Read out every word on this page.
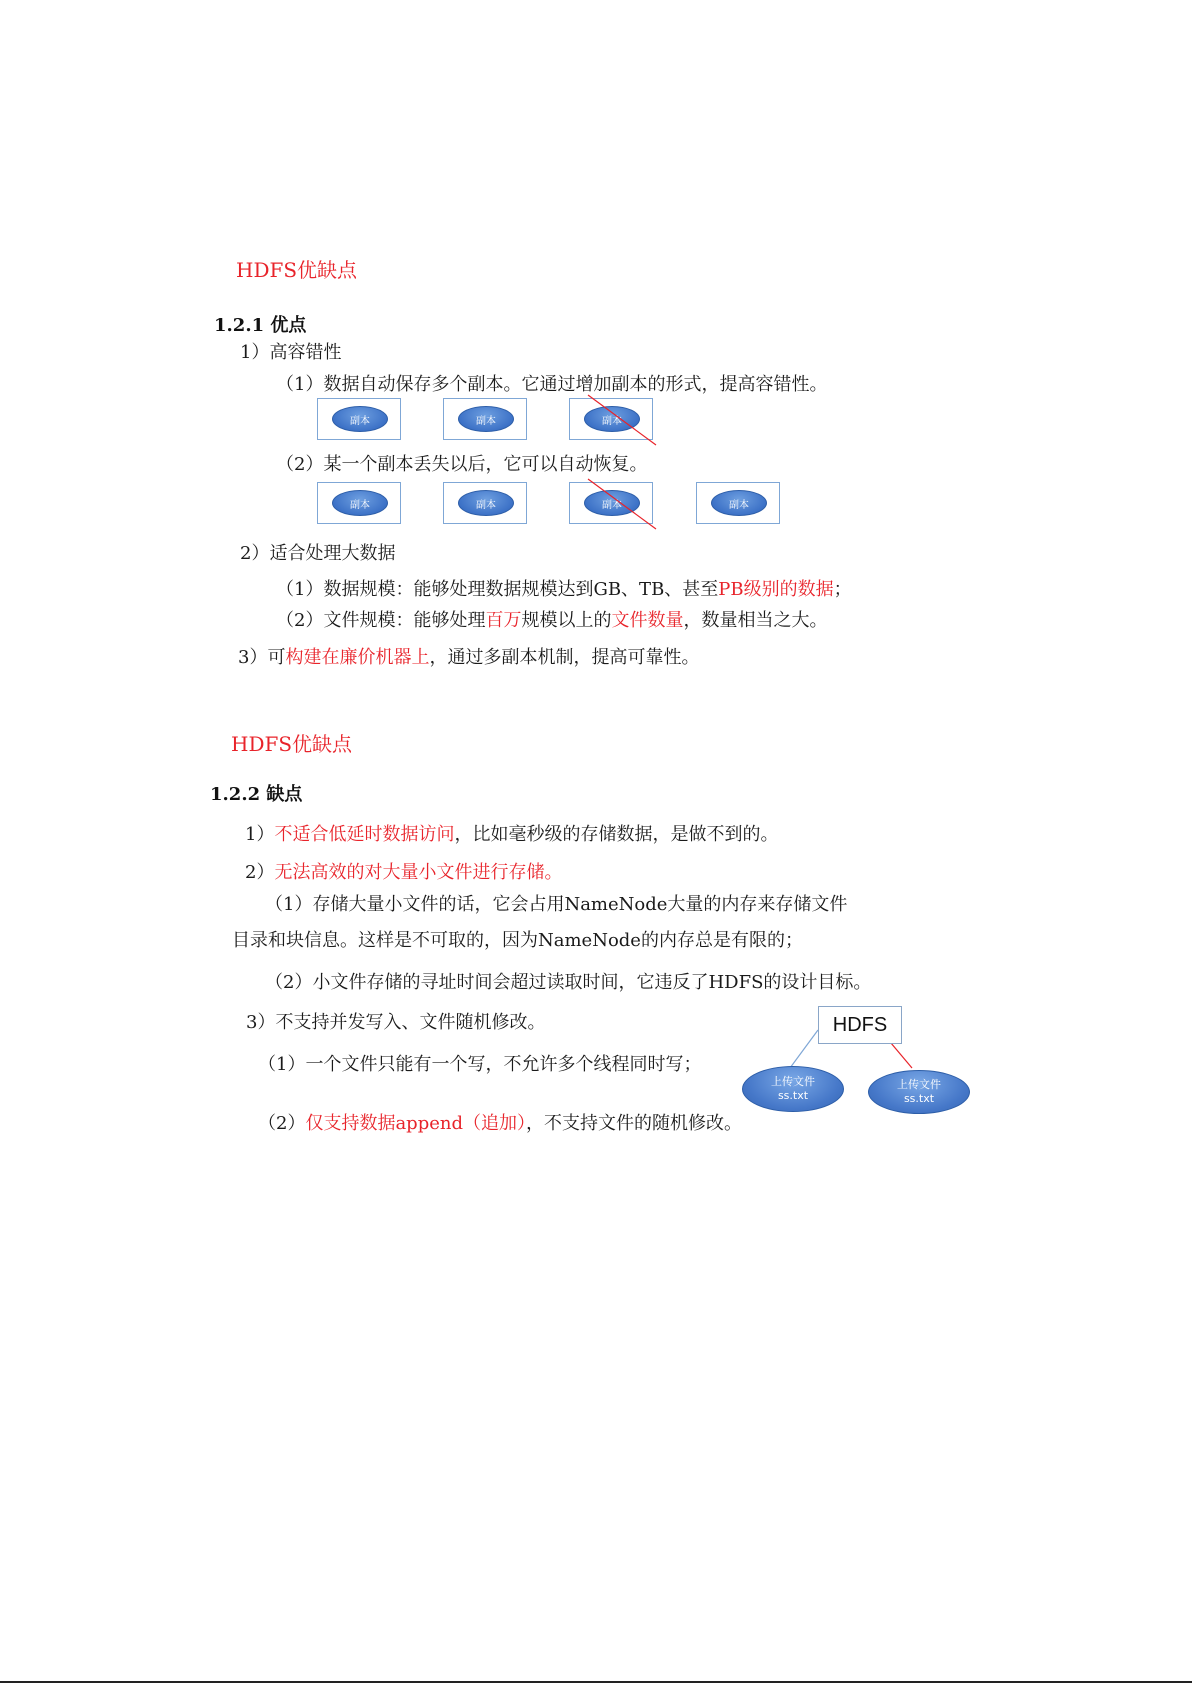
HDFS优缺点
1.2.1 优点
1）高容错性
（1）数据自动保存多个副本。它通过增加副本的形式，提高容错性。
副本	副本	副本
（2）某一个副本丢失以后，它可以自动恢复。
副本	副本	副本	副本
2）适合处理大数据
（1）数据规模：能够处理数据规模达到GB、TB、甚至PB级别的数据；
（2）文件规模：能够处理百万规模以上的文件数量，数量相当之大。
3）可构建在廉价机器上，通过多副本机制，提高可靠性。
HDFS优缺点
1.2.2 缺点
1）不适合低延时数据访问，比如毫秒级的存储数据，是做不到的。
2）无法高效的对大量小文件进行存储。
（1）存储大量小文件的话，它会占用NameNode大量的内存来存储文件
目录和块信息。这样是不可取的，因为NameNode的内存总是有限的；
（2）小文件存储的寻址时间会超过读取时间，它违反了HDFS的设计目标。
3）不支持并发写入、文件随机修改。
（1）一个文件只能有一个写，不允许多个线程同时写；
（2）仅支持数据append（追加），不支持文件的随机修改。
HDFS
上传文件
ss.txt
上传文件
ss.txt
